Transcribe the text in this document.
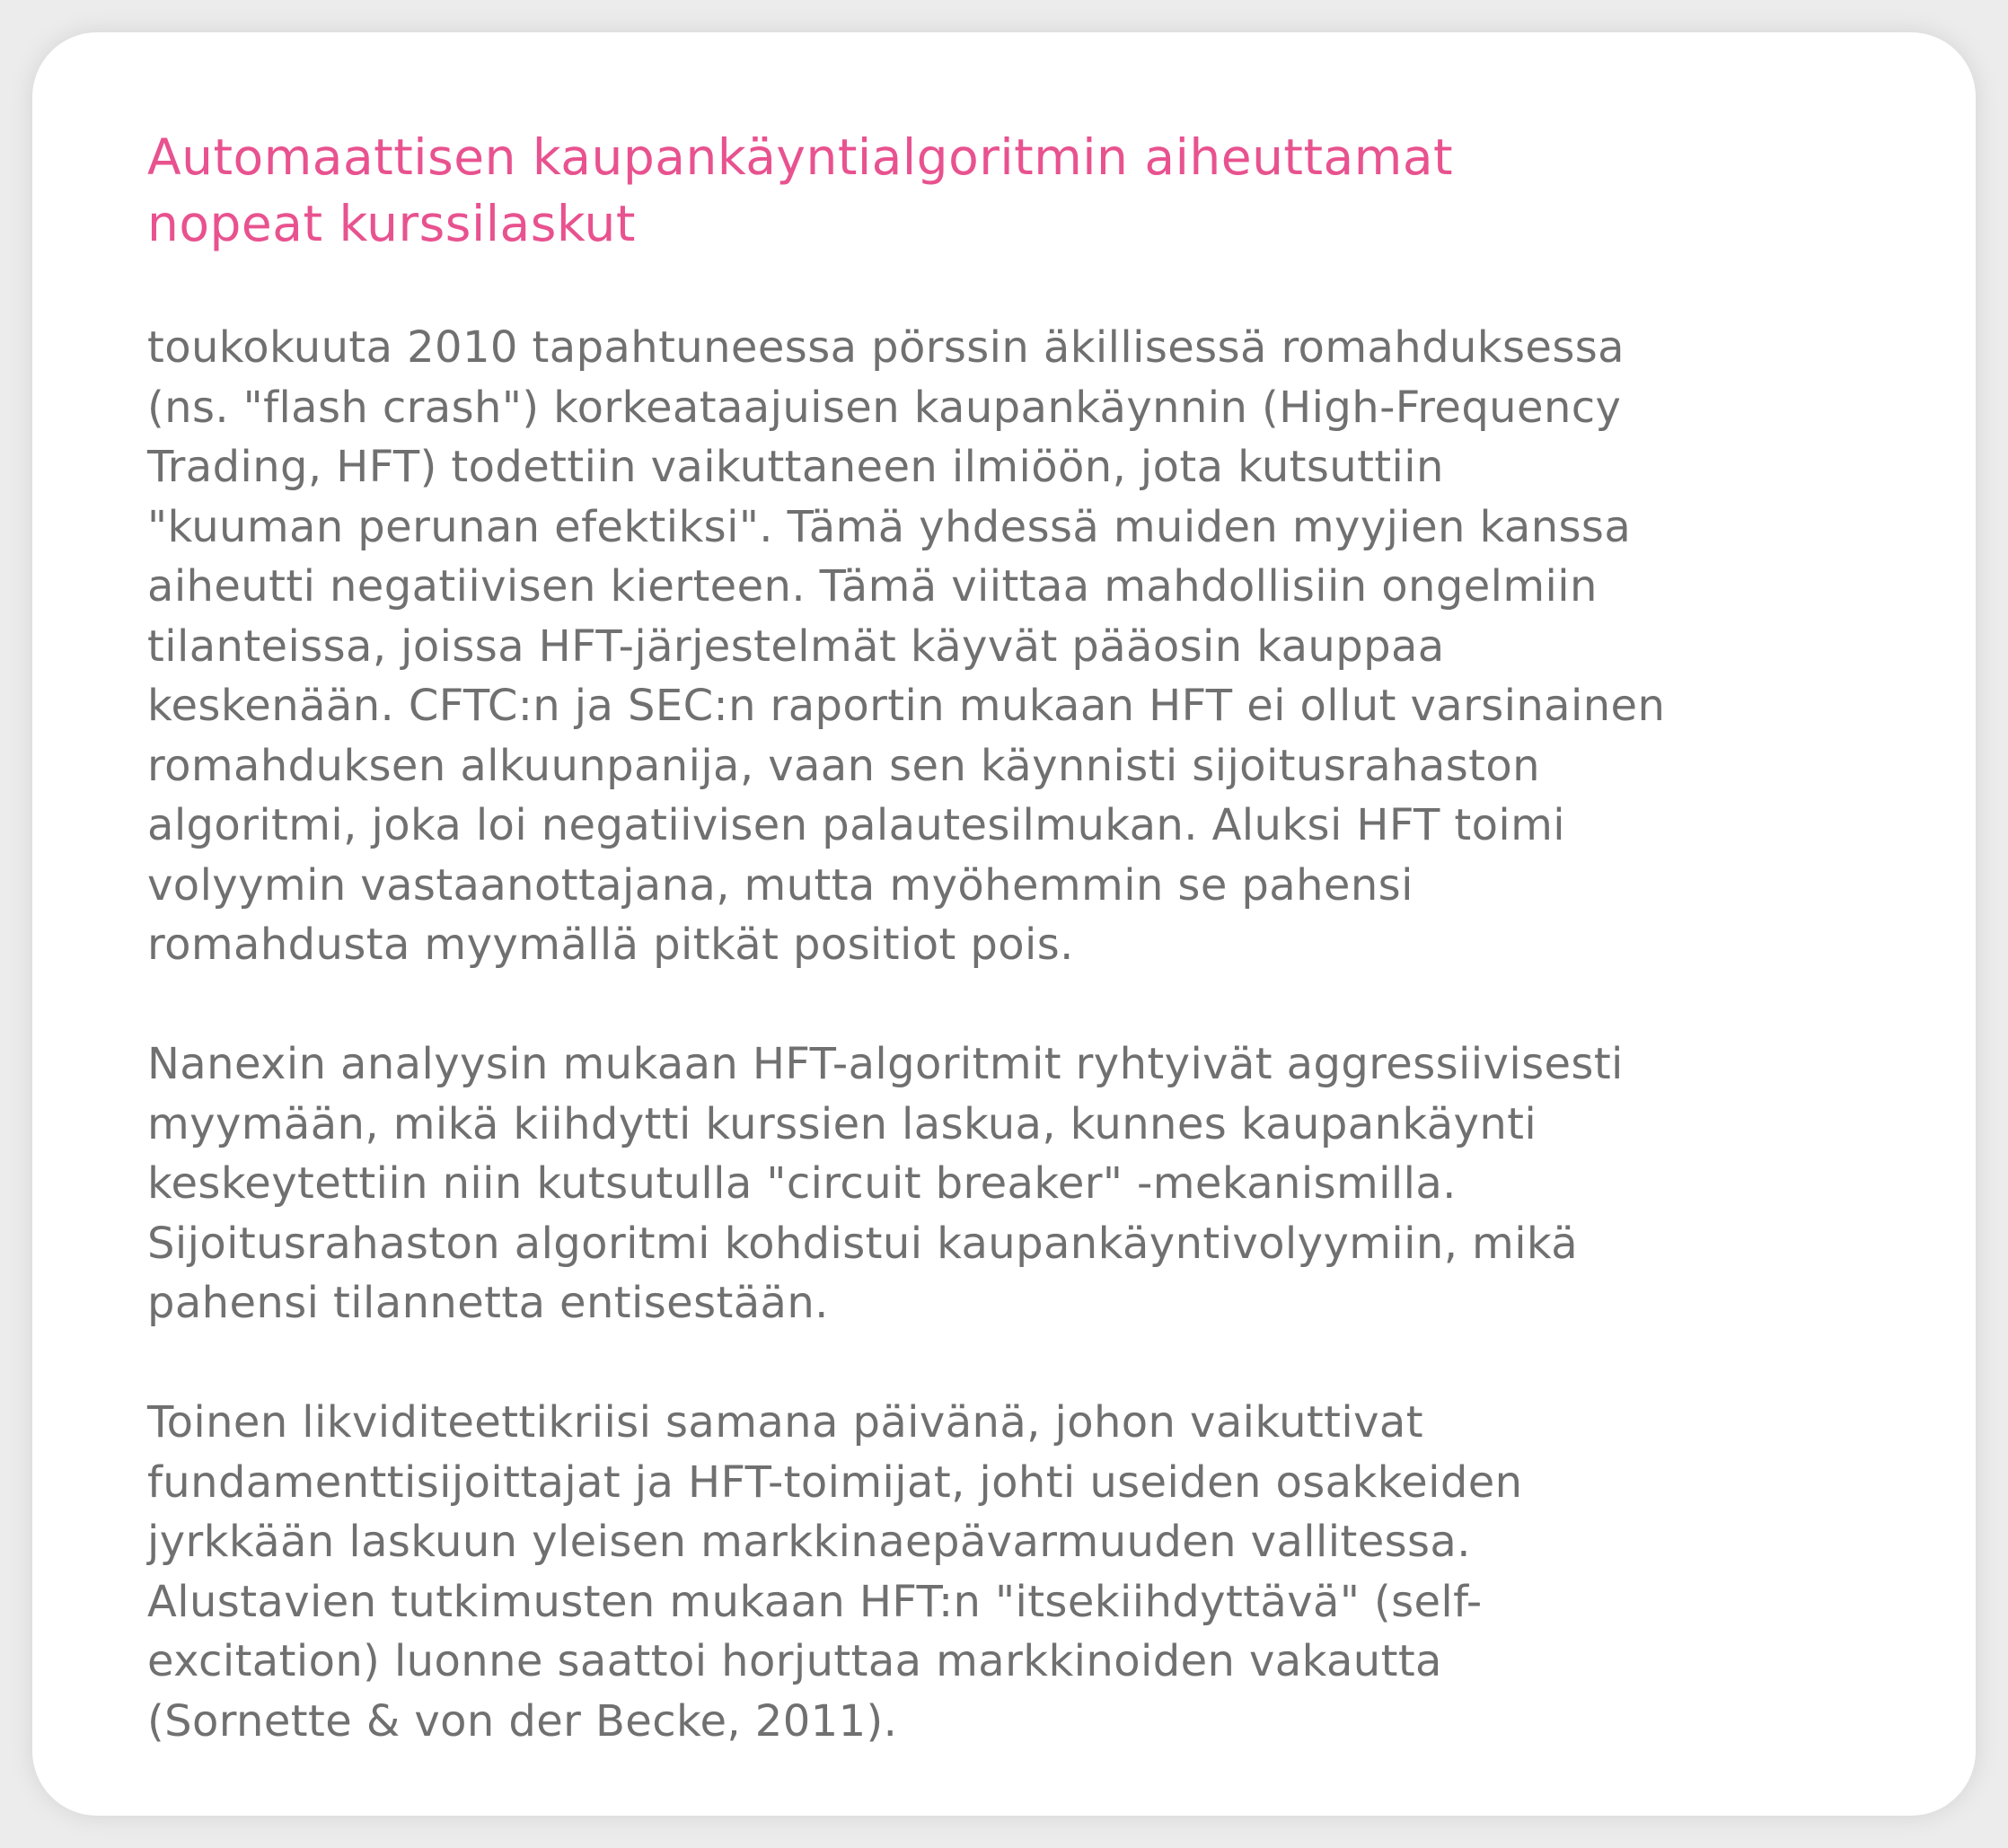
Automaattisen kaupankäyntialgoritmin aiheuttamat
nopeat kurssilaskut

toukokuuta 2010 tapahtuneessa pörssin äkillisessä romahduksessa
(ns. "flash crash") korkeataajuisen kaupankäynnin (High-Frequency
Trading, HFT) todettiin vaikuttaneen ilmiöön, jota kutsuttiin
"kuuman perunan efektiksi". Tämä yhdessä muiden myyjien kanssa
aiheutti negatiivisen kierteen. Tämä viittaa mahdollisiin ongelmiin
tilanteissa, joissa HFT-järjestelmät käyvät pääosin kauppaa
keskenään. CFTC:n ja SEC:n raportin mukaan HFT ei ollut varsinainen
romahduksen alkuunpanija, vaan sen käynnisti sijoitusrahaston
algoritmi, joka loi negatiivisen palautesilmukan. Aluksi HFT toimi
volyymin vastaanottajana, mutta myöhemmin se pahensi
romahdusta myymällä pitkät positiot pois.

Nanexin analyysin mukaan HFT-algoritmit ryhtyivät aggressiivisesti
myymään, mikä kiihdytti kurssien laskua, kunnes kaupankäynti
keskeytettiin niin kutsutulla "circuit breaker" -mekanismilla.
Sijoitusrahaston algoritmi kohdistui kaupankäyntivolyymiin, mikä
pahensi tilannetta entisestään.

Toinen likviditeettikriisi samana päivänä, johon vaikuttivat
fundamenttisijoittajat ja HFT-toimijat, johti useiden osakkeiden
jyrkkään laskuun yleisen markkinaepävarmuuden vallitessa.
Alustavien tutkimusten mukaan HFT:n "itsekiihdyttävä" (self-
excitation) luonne saattoi horjuttaa markkinoiden vakautta
(Sornette & von der Becke, 2011).
